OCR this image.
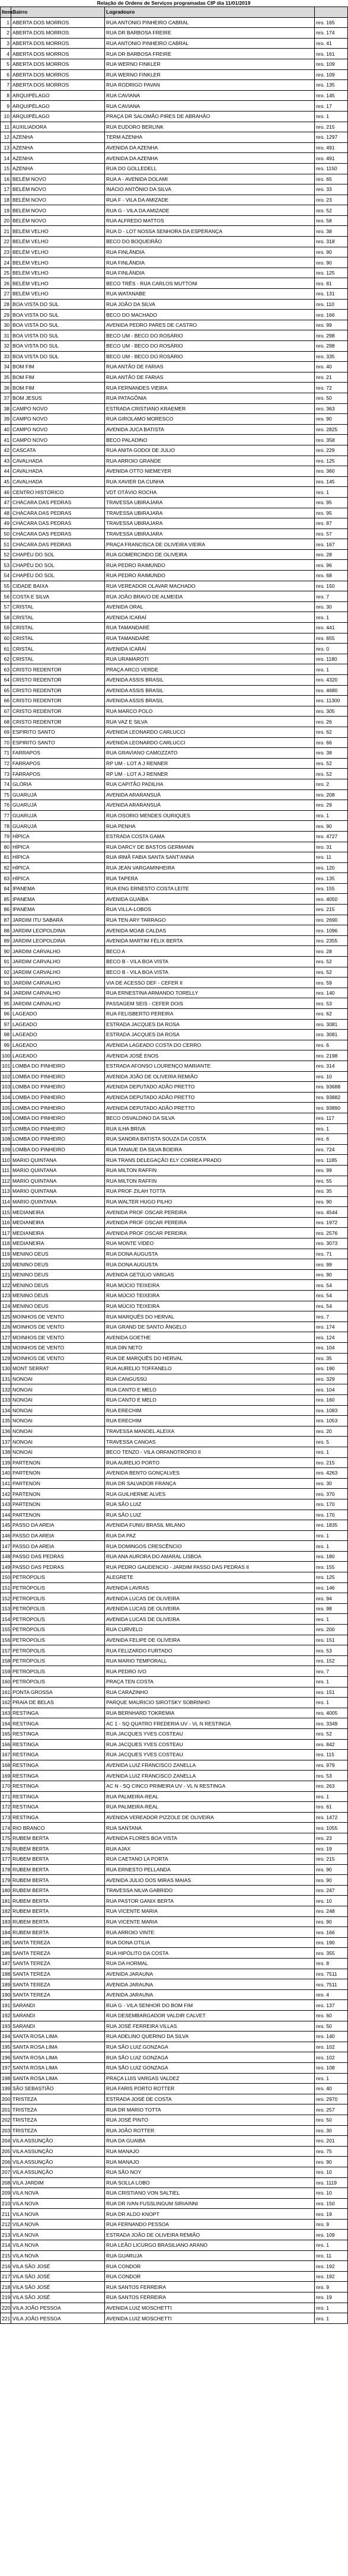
Relação de Ordens de Serviços programadas CIP dia 11/01/2019
Item	Bairro	Logradouro	
1	ABERTA DOS MORROS	RUA ANTONIO PINHEIRO CABRAL	nro. 165
2	ABERTA DOS MORROS	RUA DR BARBOSA FREIRE	nro. 174
3	ABERTA DOS MORROS	RUA ANTONIO PINHEIRO CABRAL	nro. 41
4	ABERTA DOS MORROS	RUA DR BARBOSA FREIRE	nro. 161
5	ABERTA DOS MORROS	RUA WERNO FINKLER	nro. 109
6	ABERTA DOS MORROS	RUA WERNO FINKLER	nro. 109
7	ABERTA DOS MORROS	RUA RODRIGO PAVAN	nro. 135
8	ARQUIPÉLAGO	RUA CAVIANA	nro. 145
9	ARQUIPÉLAGO	RUA CAVIANA	nro. 17
10	ARQUIPÉLAGO	PRAÇA DR SALOMÃO PIRES DE ABRAHÃO	nro. 1
11	AUXILIADORA	RUA EUDORO BERLINK	nro. 215
12	AZENHA	TERM AZENHA	nro. 1297
13	AZENHA	AVENIDA DA AZENHA	nro. 491
14	AZENHA	AVENIDA DA AZENHA	nro. 491
15	AZENHA	RUA DO GOLLEDELL	nro. 1150
16	BELÉM NOVO	RUA A - AVENIDA DOLAMI	nro. 65
17	BELÉM NOVO	INÁCIO ANTÔNIO DA SILVA	nro. 33
18	BELÉM NOVO	RUA F - VILA DA AMIZADE	nro. 23
19	BELÉM NOVO	RUA G - VILA DA AMIZADE	nro. 52
20	BELÉM NOVO	RUA ALFREDO MATTOS	nro. 58
21	BELÉM VELHO	RUA D - LOT NOSSA SENHORA DA ESPERANÇA	nro. 38
22	BELÉM VELHO	BECO DO BOQUEIRÃO	nro. 318
23	BELÉM VELHO	RUA FINLÂNDIA	nro. 90
24	BELÉM VELHO	RUA FINLÂNDIA	nro. 90
25	BELÉM VELHO	RUA FINLÂNDIA	nro. 125
26	BELÉM VELHO	BECO TRÊS - RUA CARLOS MUTTONI	nro. 81
27	BELÉM VELHO	RUA WATANABE	nro. 131
28	BOA VISTA DO SUL	RUA JOÃO DA SILVA	nro. 110
29	BOA VISTA DO SUL	BECO DO MACHADO	nro. 166
30	BOA VISTA DO SUL	AVENIDA PEDRO PARES DE CASTRO	nro. 99
31	BOA VISTA DO SUL	BECO UM - BECO DO ROSÁRIO	nro. 298
32	BOA VISTA DO SUL	BECO UM - BECO DO ROSÁRIO	nro. 298
33	BOA VISTA DO SUL	BECO UM - BECO DO ROSÁRIO	nro. 335
34	BOM FIM	RUA ANTÃO DE FARIAS	nro. 40
35	BOM FIM	RUA ANTÃO DE FARIAS	nro. 21
36	BOM FIM	RUA FERNANDES VIEIRA	nro. 72
37	BOM JESUS	RUA PATAGÔNIA	nro. 50
38	CAMPO NOVO	ESTRADA CRISTIANO KRAEMER	nro. 363
39	CAMPO NOVO	RUA GIROLAMO MORESCO	nro. 90
40	CAMPO NOVO	AVENIDA JUCA BATISTA	nro. 2825
41	CAMPO NOVO	BECO PALADINO	nro. 358
42	CASCATA	RUA ANITA GODOI DE JULIO	nro. 229
43	CAVALHADA	RUA ARROIO GRANDE	nro. 125
44	CAVALHADA	AVENIDA OTTO NIEMEYER	nro. 360
45	CAVALHADA	RUA XAVIER DA CUNHA	nro. 145
46	CENTRO HISTÓRICO	VDT OTÁVIO ROCHA	nro. 1
47	CHÁCARA DAS PEDRAS	TRAVESSA UBIRAJARA	nro. 95
48	CHÁCARA DAS PEDRAS	TRAVESSA UBIRAJARA	nro. 95
49	CHÁCARA DAS PEDRAS	TRAVESSA UBIRAJARA	nro. 87
50	CHÁCARA DAS PEDRAS	TRAVESSA UBIRAJARA	nro. 57
51	CHÁCARA DAS PEDRAS	PRAÇA FRANCISCA DE OLIVEIRA VIEIRA	nro. 167
52	CHAPÉU DO SOL	RUA GOMERCINDO DE OLIVEIRA	nro. 28
53	CHAPÉU DO SOL	RUA PEDRO RAIMUNDO	nro. 96
54	CHAPÉU DO SOL	RUA PEDRO RAIMUNDO	nro. 68
55	CIDADE BAIXA	RUA VEREADOR OLAVAR MACHADO	nro. 150
56	COSTA E SILVA	RUA JOÃO BRAVO DE ALMEIDA	nro. 7
57	CRISTAL	AVENIDA ORAL	nro. 30
58	CRISTAL	AVENIDA ICARAÍ	nro. 1
59	CRISTAL	RUA TAMANDARÉ	nro. 441
60	CRISTAL	RUA TAMANDARÉ	nro. 655
61	CRISTAL	AVENIDA ICARAÍ	nro. 0
62	CRISTAL	RUA URAMAROTI	nro. 1180
63	CRISTO REDENTOR	PRAÇA ARCO VERDE	nro. 1
64	CRISTO REDENTOR	AVENIDA ASSIS BRASIL	nro. 4320
65	CRISTO REDENTOR	AVENIDA ASSIS BRASIL	nro. 4680
66	CRISTO REDENTOR	AVENIDA ASSIS BRASIL	nro. 11300
67	CRISTO REDENTOR	RUA MARCO POLO	nro. 305
68	CRISTO REDENTOR	RUA VAZ E SILVA	nro. 26
69	ESPIRITO SANTO	AVENIDA LEONARDO CARLUCCI	nro. 62
70	ESPIRITO SANTO	AVENIDA LEONARDO CARLUCCI	nro. 66
71	FARRAPOS	RUA GRAVIANO CAMOZZATO	nro. 38
72	FARRAPOS	RP UM - LOT A J RENNER	nro. 52
73	FARRAPOS	RP UM - LOT A J RENNER	nro. 52
74	GLÓRIA	RUA CAPITÃO PADILHA	nro. 2
75	GUARUJÁ	AVENIDA ARARANSUÁ	nro. 208
76	GUARUJÁ	AVENIDA ARARANSUÁ	nro. 29
77	GUARUJÁ	RUA OSORIO MENDES OURIQUES	nro. 1
78	GUARUJÁ	RUA PENHA	nro. 90
79	HÍPICA	ESTRADA COSTA GAMA	nro. 4727
80	HÍPICA	RUA DARCY DE BASTOS GERMANN	nro. 31
81	HÍPICA	RUA IRMÃ FABIA SANTA SANT'ANNA	nro. 11
82	HÍPICA	RUA JEAN VARGAMINHEIRA	nro. 120
83	HÍPICA	RUA TAPERA	nro. 135
84	IPANEMA	RUA ENG ERNESTO COSTA LEITE	nro. 155
85	IPANEMA	AVENIDA GUAÍBA	nro. 4050
86	IPANEMA	RUA VILLA-LOBOS	nro. 215
87	JARDIM ITU SABARÁ	RUA TEN ARY TARRAGO	nro. 2690
88	JARDIM LEOPOLDINA	AVENIDA MOAB CALDAS	nro. 1096
89	JARDIM LEOPOLDINA	AVENIDA MARTIM FÉLIX BERTA	nro. 2355
90	JARDIM CARVALHO	BECO A	nro. 28
91	JARDIM CARVALHO	BECO B - VILA BOA VISTA	nro. 52
92	JARDIM CARVALHO	BECO B - VILA BOA VISTA	nro. 52
93	JARDIM CARVALHO	VIA DE ACESSO DEF - CEFER II	nro. 59
94	JARDIM CARVALHO	RUA ERNESTINA ARMANDO TORELLY	nro. 140
95	JARDIM CARVALHO	PASSAGEM SEIS - CEFER DOIS	nro. 53
96	LAGEADO	RUA FELISBERTO PEREIRA	nro. 62
97	LAGEADO	ESTRADA JACQUES DA ROSA	nro. 3081
98	LAGEADO	ESTRADA JACQUES DA ROSA	nro. 3081
99	LAGEADO	AVENIDA LAGEADO COSTA DO CERRO	nro. 6
100	LAGEADO	AVENIDA JOSÉ ENOS	nro. 2198
101	LOMBA DO PINHEIRO	ESTRADA AFONSO LOURENÇO MARIANTE	nro. 314
102	LOMBA DO PINHEIRO	AVENIDA JOÃO DE OLIVEIRA REMIÃO	nro. 10
103	LOMBA DO PINHEIRO	AVENIDA DEPUTADO ADÃO PRETTO	nro. 93688
104	LOMBA DO PINHEIRO	AVENIDA DEPUTADO ADÃO PRETTO	nro. 93882
105	LOMBA DO PINHEIRO	AVENIDA DEPUTADO ADÃO PRETTO	nro. 93890
106	LOMBA DO PINHEIRO	BECO OSVALDINO DA SILVA	nro. 117
107	LOMBA DO PINHEIRO	RUA ILHA BRIVA	nro. 1
108	LOMBA DO PINHEIRO	RUA SANDRA BATISTA SOUZA DA COSTA	nro. 6
109	LOMBA DO PINHEIRO	RUA TANAUE DA SILVA BOEIRA	nro. 724
110	MARIO QUINTANA	RUA TRANS DELEGAÇÃO ELY CORREA PRADO	nro. 1185
111	MARIO QUINTANA	RUA MILTON RAFFIN	nro. 99
112	MARIO QUINTANA	RUA MILTON RAFFIN	nro. 55
113	MARIO QUINTANA	RUA PROF ZILAH TOTTA	nro. 35
114	MARIO QUINTANA	RUA WALTER HUGO PILHO	nro. 90
115	MEDIANEIRA	AVENIDA PROF OSCAR PEREIRA	nro. 4544
116	MEDIANEIRA	AVENIDA PROF OSCAR PEREIRA	nro. 1972
117	MEDIANEIRA	AVENIDA PROF OSCAR PEREIRA	nro. 2576
118	MEDIANEIRA	RUA MONTE VIDEO	nro. 3073
119	MENINO DEUS	RUA DONA AUGUSTA	nro. 71
120	MENINO DEUS	RUA DONA AUGUSTA	nro. 99
121	MENINO DEUS	AVENIDA GETÚLIO VARGAS	nro. 90
122	MENINO DEUS	RUA MÚCIO TEIXEIRA	nro. 54
123	MENINO DEUS	RUA MÚCIO TEIXEIRA	nro. 54
124	MENINO DEUS	RUA MÚCIO TEIXEIRA	nro. 54
125	MOINHOS DE VENTO	RUA MARQUÊS DO HERVAL	nro. 7
126	MOINHOS DE VENTO	RUA GRAND DE SANTO ÂNGELO	nro. 174
127	MOINHOS DE VENTO	AVENIDA GOETHE	nro. 124
128	MOINHOS DE VENTO	RUA DIN NETO	nro. 104
129	MOINHOS DE VENTO	RUA DE MARQUÊS DO HERVAL	nro. 35
130	MONT SERRAT	RUA AURELIO TOFFANELO	nro. 190
131	NONOAI	RUA CANGUSSÚ	nro. 329
132	NONOAI	RUA CANTO E MELO	nro. 104
133	NONOAI	RUA CANTO E MELO	nro. 160
134	NONOAI	RUA ERECHIM	nro. 1083
135	NONOAI	RUA ERECHIM	nro. 1053
136	NONOAI	TRAVESSA MANOEL ALEIXA	nro. 20
137	NONOAI	TRAVESSA CANOAS	nro. 5
138	NONOAI	BECO TENZO - VILA ORFANOTRÓFIO II	nro. 1
139	PARTENON	RUA AURELIO PORTO	nro. 215
140	PARTENON	AVENIDA BENTO GONÇALVES	nro. 4263
141	PARTENON	RUA DR SALVADOR FRANÇA	nro. 30
142	PARTENON	RUA GUILHERME ALVES	nro. 370
143	PARTENON	RUA SÃO LUIZ	nro. 170
144	PARTENON	RUA SÃO LUIZ	nro. 170
145	PASSO DA AREIA	AVENIDA FUNIU BRASIL MILANO	nro. 1835
146	PASSO DA AREIA	RUA DA PAZ	nro. 1
147	PASSO DA AREIA	RUA DOMINGOS CRESCÊNCIO	nro. 1
148	PASSO DAS PEDRAS	RUA ANA AURORA DO AMARAL LISBOA	nro. 180
149	PASSO DAS PEDRAS	RUA PEDRO GAUDENCIO - JARDIM PASSO DAS PEDRAS II	nro. 155
150	PETRÓPOLIS	ALEGRETE	nro. 125
151	PETRÓPOLIS	AVENIDA LAVRAS	nro. 146
152	PETRÓPOLIS	AVENIDA LUCAS DE OLIVEIRA	nro. 94
153	PETRÓPOLIS	AVENIDA LUCAS DE OLIVEIRA	nro. 98
154	PETRÓPOLIS	AVENIDA LUCAS DE OLIVEIRA	nro. 1
155	PETRÓPOLIS	RUA CURVELO	nro. 200
156	PETRÓPOLIS	AVENIDA FELIPE DE OLIVEIRA	nro. 151
157	PETRÓPOLIS	RUA FELIZARDO FURTADO	nro. 53
158	PETRÓPOLIS	RUA MARIO TEMPORALL	nro. 152
159	PETRÓPOLIS	RUA PEDRO IVO	nro. 7
160	PETRÓPOLIS	PRAÇA TEN COSTA	nro. 1
161	PONTA GROSSA	RUA CARAZINHO	nro. 151
162	PRAIA DE BELAS	PARQUE MAURICIO SIROTSKY SOBRINHO	nro. 1
163	RESTINGA	RUA BERNHARD TOKREMIA	nro. 4005
164	RESTINGA	AC 1 - SQ QUATRO FREDERIA UV - VL N RESTINGA	nro. 3349
165	RESTINGA	RUA JACQUES YVES COSTEAU	nro. 52
166	RESTINGA	RUA JACQUES YVES COSTEAU	nro. 842
167	RESTINGA	RUA JACQUES YVES COSTEAU	nro. 115
168	RESTINGA	AVENIDA LUIZ FRANCISCO ZANELLA	nro. 979
169	RESTINGA	AVENIDA LUIZ FRANCISCO ZANELLA	nro. 53
170	RESTINGA	AC N - SQ CINCO PRIMEIRA UV - VL N RESTINGA	nro. 263
171	RESTINGA	RUA PALMEIRA-REAL	nro. 1
172	RESTINGA	RUA PALMEIRA-REAL	nro. 61
173	RESTINGA	AVENIDA VEREADOR PIZZOLE DE OLIVEIRA	nro. 1472
174	RIO BRANCO	RUA SANTANA	nro. 1055
175	RUBEM BERTA	AVENIDA FLORES BOA VISTA	nro. 23
176	RUBEM BERTA	RUA AJAX	nro. 19
177	RUBEM BERTA	RUA CAETANO LA PORTA	nro. 215
178	RUBEM BERTA	RUA ERNESTO PELLANDA	nro. 90
179	RUBEM BERTA	AVENIDA JULIO DOS MIRAS MAIAS	nro. 90
180	RUBEM BERTA	TRAVESSA NILVA GABRIDO	nro. 247
181	RUBEM BERTA	RUA PASTOR GANIX BERTA	nro. 10
182	RUBEM BERTA	RUA VICENTE MARIA	nro. 248
183	RUBEM BERTA	RUA VICENTE MARIA	nro. 90
184	RUBEM BERTA	RUA ARROIO VINTE	nro. 166
185	SANTA TEREZA	RUA DONA OTILIA	nro. 190
186	SANTA TEREZA	RUA HIPÓLITO DA COSTA	nro. 355
187	SANTA TEREZA	RUA DA HORMAL	nro. 8
188	SANTA TEREZA	AVENIDA JARAUNA	nro. 7511
189	SANTA TEREZA	AVENIDA JARAUNA	nro. 7511
190	SANTA TEREZA	AVENIDA JARAUNA	nro. 4
191	SARANDI	RUA G - VILA SENHOR DO BOM FIM	nro. 137
192	SARANDI	RUA DESEMBARGADOR VALDIR CALVET	nro. 60
193	SARANDI	RUA JOSÉ FERREIRA VILLAS	nro. 50
194	SANTA ROSA LIMA	RUA ADELINO QUERINO DA SILVA	nro. 140
195	SANTA ROSA LIMA	RUA SÃO LUIZ GONZAGA	nro. 102
196	SANTA ROSA LIMA	RUA SÃO LUIZ GONZAGA	nro. 102
197	SANTA ROSA LIMA	RUA SÃO LUIZ GONZAGA	nro. 108
198	SANTA ROSA LIMA	PRAÇA LUIS VARGAS VALDEZ	nro. 1
199	SÃO SEBASTIÃO	RUA FARIS PORTO ROTTER	nro. 40
200	TRISTEZA	ESTRADA JOSÉ DE COSTA	nro. 2970
201	TRISTEZA	RUA DR MARIO TOTTA	nro. 257
202	TRISTEZA	RUA JOSÉ PINTO	nro. 50
203	TRISTEZA	RUA JOÃO ROTTER	nro. 30
204	VILA ASSUNÇÃO	RUA DA GUAIBA	nro. 201
205	VILA ASSUNÇÃO	RUA MANAJO	nro. 75
206	VILA ASSUNÇÃO	RUA MANAJO	nro. 90
207	VILA ASSUNÇÃO	RUA SÃO NOY	nro. 10
208	VILA JARDIM	RUA SOLLA LOBO	nro. 1119
209	VILA NOVA	RUA CRISTIANO VON SALTIEL	nro. 10
210	VILA NOVA	RUA DR IVAN FUSSLINGUM SIRIAINNI	nro. 150
211	VILA NOVA	RUA DR ALDO KNOPT	nro. 19
212	VILA NOVA	RUA FERNANDO PESSOA	nro. 9
213	VILA NOVA	ESTRADA JOÃO DE OLIVEIRA REMIÃO	nro. 109
214	VILA NOVA	RUA LEÃO LICURGO BRASILIANO ARANO	nro. 1
215	VILA NOVA	RUA GUARUJA	nro. 11
216	VILA SÃO JOSÉ	RUA CONDOR	nro. 192
217	VILA SÃO JOSÉ	RUA CONDOR	nro. 192
218	VILA SÃO JOSÉ	RUA SANTOS FERREIRA	nro. 9
219	VILA SÃO JOSÉ	RUA SANTOS FERREIRA	nro. 19
220	VILA JOÃO PESSOA	AVENIDA LUIZ MOSCHETTI	nro. 1
221	VILA JOÃO PESSOA	AVENIDA LUIZ MOSCHETTI	nro. 1
